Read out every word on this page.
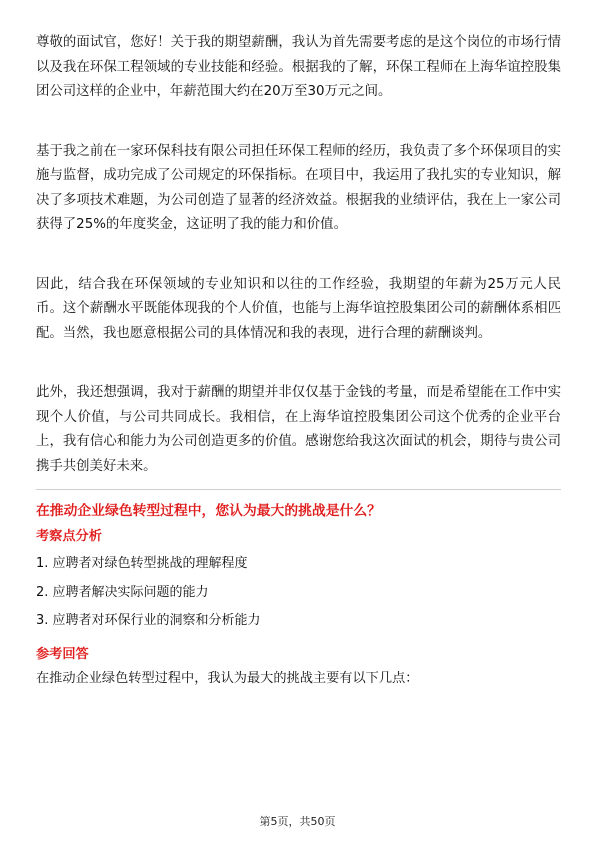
尊敬的面试官，您好！关于我的期望薪酬，我认为首先需要考虑的是这个岗位的市场行情以及我在环保工程领域的专业技能和经验。根据我的了解，环保工程师在上海华谊控股集团公司这样的企业中，年薪范围大约在20万至30万元之间。

基于我之前在一家环保科技有限公司担任环保工程师的经历，我负责了多个环保项目的实施与监督，成功完成了公司规定的环保指标。在项目中，我运用了我扎实的专业知识，解决了多项技术难题，为公司创造了显著的经济效益。根据我的业绩评估，我在上一家公司获得了25%的年度奖金，这证明了我的能力和价值。

因此，结合我在环保领域的专业知识和以往的工作经验，我期望的年薪为25万元人民币。这个薪酬水平既能体现我的个人价值，也能与上海华谊控股集团公司的薪酬体系相匹配。当然，我也愿意根据公司的具体情况和我的表现，进行合理的薪酬谈判。

此外，我还想强调，我对于薪酬的期望并非仅仅基于金钱的考量，而是希望能在工作中实现个人价值，与公司共同成长。我相信，在上海华谊控股集团公司这个优秀的企业平台上，我有信心和能力为公司创造更多的价值。感谢您给我这次面试的机会，期待与贵公司携手共创美好未来。

在推动企业绿色转型过程中，您认为最大的挑战是什么？
考察点分析
1. 应聘者对绿色转型挑战的理解程度
2. 应聘者解决实际问题的能力
3. 应聘者对环保行业的洞察和分析能力
参考回答

在推动企业绿色转型过程中，我认为最大的挑战主要有以下几点：

第5页，共50页
